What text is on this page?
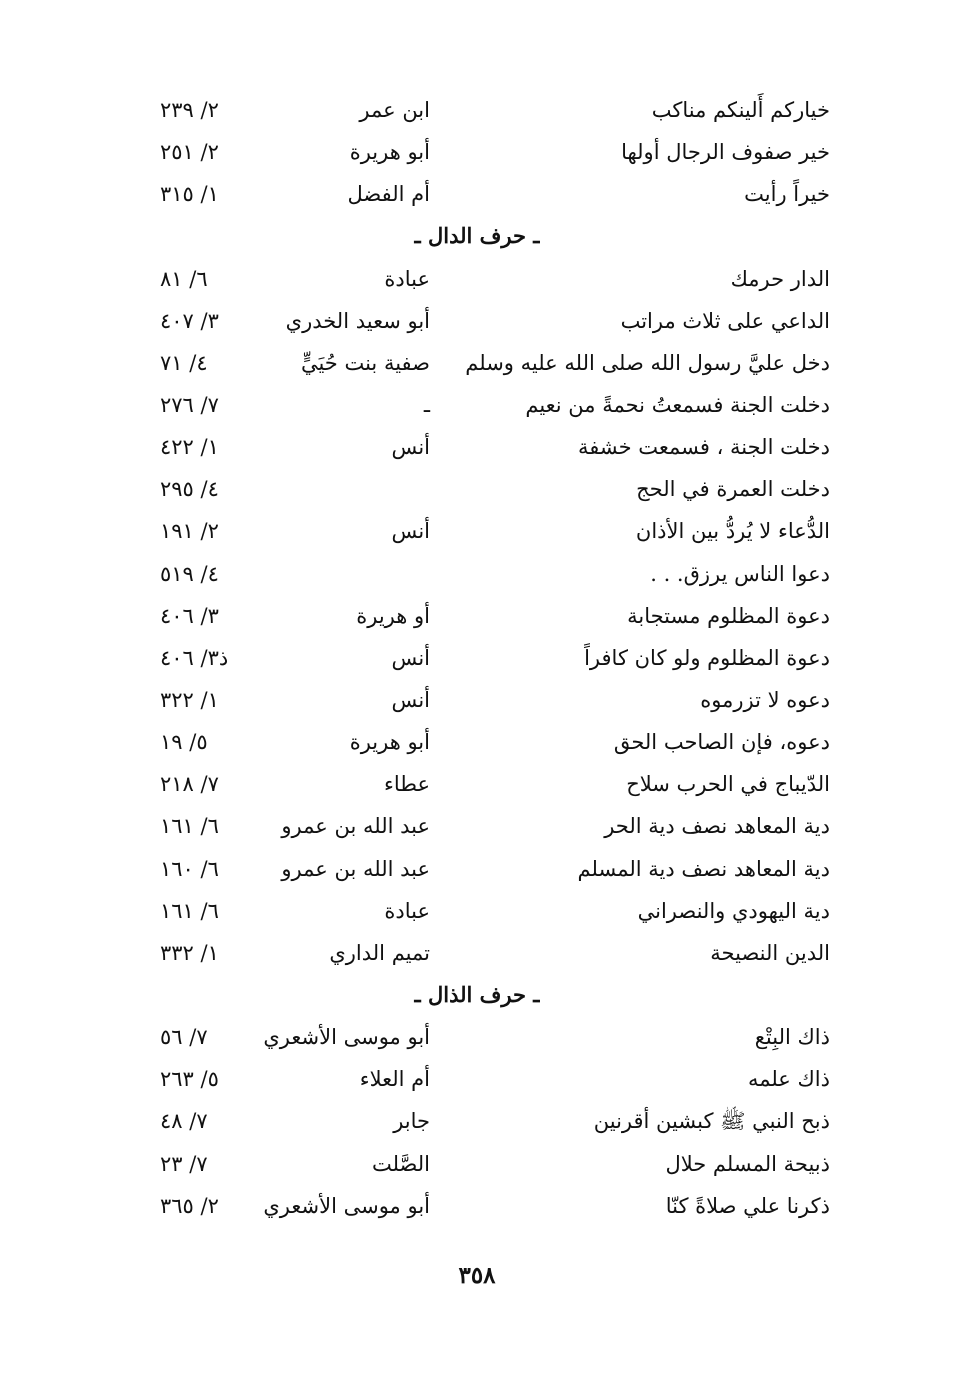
خياركم أَلينكم مناكب
ابن عمر
٢/ ٢٣٩
خير صفوف الرجال أولها
أبو هريرة
٢/ ٢٥١
خيراً رأيت
أم الفضل
١/ ٣١٥
ـ حرف الدال ـ
الدار حرمك
عبادة
٦/ ٨١
الداعي على ثلاث مراتب
أبو سعيد الخدري
٣/ ٤٠٧
دخل عليَّ رسول الله صلى الله عليه وسلم
صفية بنت حُيَيٍّ
٤/ ٧١
دخلت الجنة فسمعتُ نحمةً من نعيم
ـ
٧/ ٢٧٦
دخلت الجنة ، فسمعت خشفة
أنس
١/ ٤٢٢
دخلت العمرة في الحج
٤/ ٢٩٥
الدُّعاء لا يُردُّ بين الأذان
أنس
٢/ ١٩١
دعوا الناس يرزق. . .
٤/ ٥١٩
دعوة المظلوم مستجابة
أو هريرة
٣/ ٤٠٦
دعوة المظلوم ولو كان كافراً
أنس
ذ٣/ ٤٠٦
دعوه لا تزرموه
أنس
١/ ٣٢٢
دعوه، فإن الصاحب الحق
أبو هريرة
٥/ ١٩
الدّيباج في الحرب سلاح
عطاء
٧/ ٢١٨
دية المعاهد نصف دية الحر
عبد الله بن عمرو
٦/ ١٦١
دية المعاهد نصف دية المسلم
عبد الله بن عمرو
٦/ ١٦٠
دية اليهودي والنصراني
عبادة
٦/ ١٦١
الدين النصيحة
تميم الداري
١/ ٣٣٢
ـ حرف الذال ـ
ذاك البِتْع
أبو موسى الأشعري
٧/ ٥٦
ذاك علمه
أم العلاء
٥/ ٢٦٣
ذبح النبي ﷺ كبشين أقرنين
جابر
٧/ ٤٨
ذبيحة المسلم حلال
الصَّلت
٧/ ٢٣
ذكرنا علي صلاةً كنّا
أبو موسى الأشعري
٢/ ٣٦٥
٣٥٨
